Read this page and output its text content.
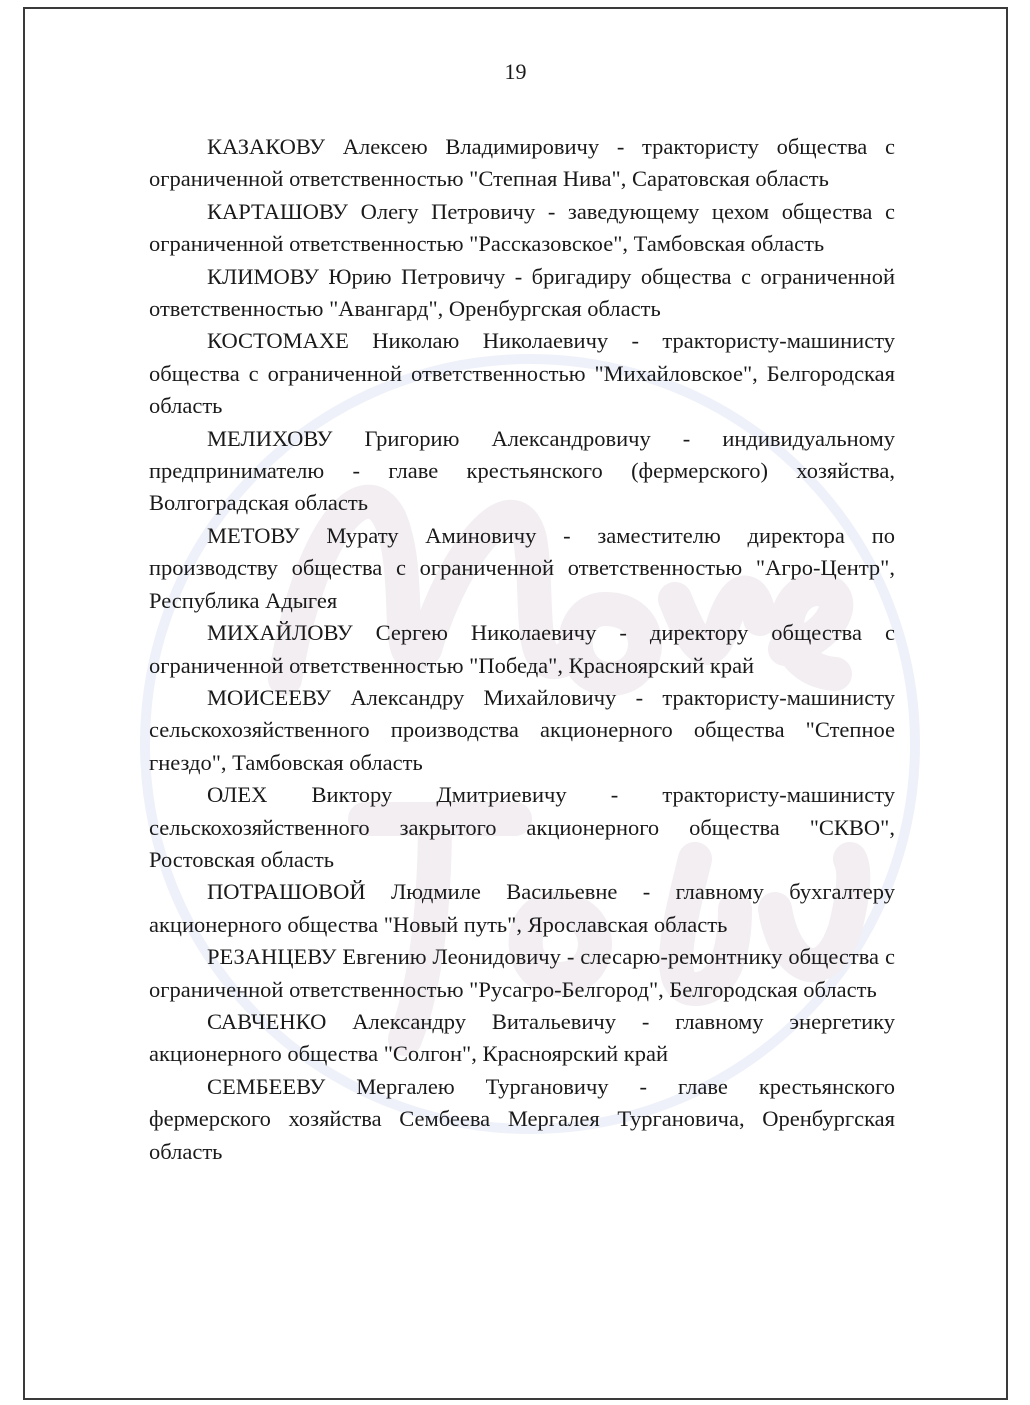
19

КАЗАКОВУ Алексею Владимировичу - трактористу общества с ограниченной ответственностью "Степная Нива", Саратовская область

КАРТАШОВУ Олегу Петровичу - заведующему цехом общества с ограниченной ответственностью "Рассказовское", Тамбовская область

КЛИМОВУ Юрию Петровичу - бригадиру общества с ограниченной ответственностью "Авангард", Оренбургская область

КОСТОМАХЕ Николаю Николаевичу - трактористу-машинисту общества с ограниченной ответственностью "Михайловское", Белгородская область

МЕЛИХОВУ Григорию Александровичу - индивидуальному предпринимателю - главе крестьянского (фермерского) хозяйства, Волгоградская область

МЕТОВУ Мурату Аминовичу - заместителю директора по производству общества с ограниченной ответственностью "Агро-Центр", Республика Адыгея

МИХАЙЛОВУ Сергею Николаевичу - директору общества с ограниченной ответственностью "Победа", Красноярский край

МОИСЕЕВУ Александру Михайловичу - трактористу-машинисту сельскохозяйственного производства акционерного общества "Степное гнездо", Тамбовская область

ОЛЕХ Виктору Дмитриевичу - трактористу-машинисту сельскохозяйственного закрытого акционерного общества "СКВО", Ростовская область

ПОТРАШОВОЙ Людмиле Васильевне - главному бухгалтеру акционерного общества "Новый путь", Ярославская область

РЕЗАНЦЕВУ Евгению Леонидовичу - слесарю-ремонтнику общества с ограниченной ответственностью "Русагро-Белгород", Белгородская область

САВЧЕНКО Александру Витальевичу - главному энергетику акционерного общества "Солгон", Красноярский край

СЕМБЕЕВУ Мергалею Тургановичу - главе крестьянского фермерского хозяйства Сембеева Мергалея Тургановича, Оренбургская область
